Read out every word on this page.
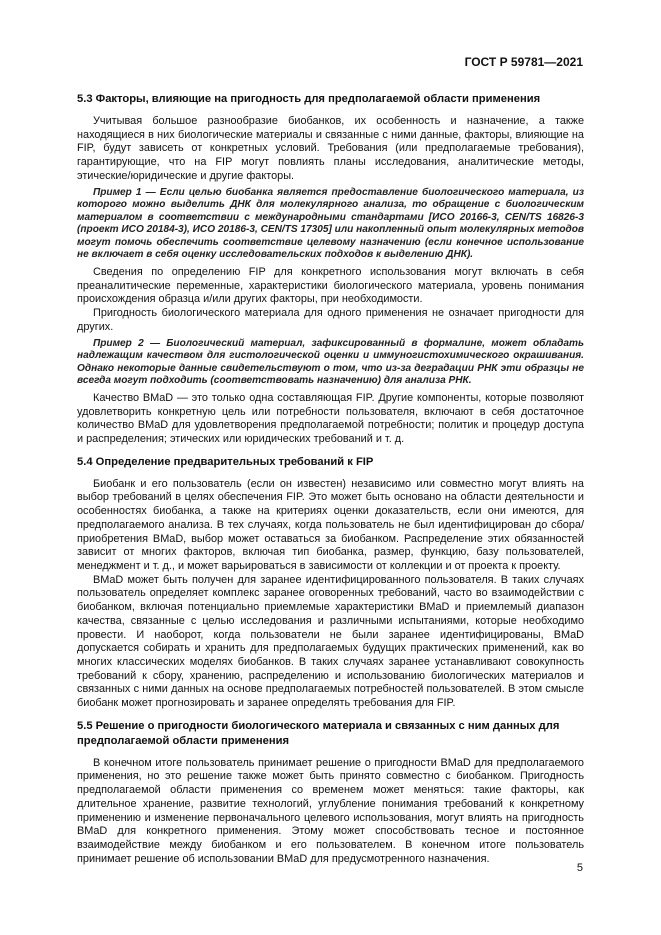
ГОСТ Р 59781—2021
5.3 Факторы, влияющие на пригодность для предполагаемой области применения

Учитывая большое разнообразие биобанков, их особенность и назначение, а также находящиеся в них биологические материалы и связанные с ними данные, факторы, влияющие на FIP, будут зависеть от конкретных условий. Требования (или предполагаемые требования), гарантирующие, что на FIP могут повлиять планы исследования, аналитические методы, этические/юридические и другие факторы.

Пример 1 — Если целью биобанка является предоставление биологического материала, из которого можно выделить ДНК для молекулярного анализа, то обращение с биологическим материалом в соответствии с международными стандартами [ИСО 20166-3, CEN/TS 16826-3 (проект ИСО 20184-3), ИСО 20186-3, CEN/TS 17305] или накопленный опыт молекулярных методов могут помочь обеспечить соответствие целевому назначению (если конечное использование не включает в себя оценку исследовательских подходов к выделению ДНК).

Сведения по определению FIP для конкретного использования могут включать в себя преаналитические переменные, характеристики биологического материала, уровень понимания происхождения образца и/или других факторы, при необходимости.

Пригодность биологического материала для одного применения не означает пригодности для других.

Пример 2 — Биологический материал, зафиксированный в формалине, может обладать надлежащим качеством для гистологической оценки и иммуногистохимического окрашивания. Однако некоторые данные свидетельствуют о том, что из-за деградации РНК эти образцы не всегда могут подходить (соответствовать назначению) для анализа РНК.

Качество BMaD — это только одна составляющая FIP. Другие компоненты, которые позволяют удовлетворить конкретную цель или потребности пользователя, включают в себя достаточное количество BMaD для удовлетворения предполагаемой потребности; политик и процедур доступа и распределения; этических или юридических требований и т. д.

5.4 Определение предварительных требований к FIP

Биобанк и его пользователь (если он известен) независимо или совместно могут влиять на выбор требований в целях обеспечения FIP. Это может быть основано на области деятельности и особенностях биобанка, а также на критериях оценки доказательств, если они имеются, для предполагаемого анализа. В тех случаях, когда пользователь не был идентифицирован до сбора/приобретения BMaD, выбор может оставаться за биобанком. Распределение этих обязанностей зависит от многих факторов, включая тип биобанка, размер, функцию, базу пользователей, менеджмент и т. д., и может варьироваться в зависимости от коллекции и от проекта к проекту.

BMaD может быть получен для заранее идентифицированного пользователя. В таких случаях пользователь определяет комплекс заранее оговоренных требований, часто во взаимодействии с биобанком, включая потенциально приемлемые характеристики BMaD и приемлемый диапазон качества, связанные с целью исследования и различными испытаниями, которые необходимо провести. И наоборот, когда пользователи не были заранее идентифицированы, BMaD допускается собирать и хранить для предполагаемых будущих практических применений, как во многих классических моделях биобанков. В таких случаях заранее устанавливают совокупность требований к сбору, хранению, распределению и использованию биологических материалов и связанных с ними данных на основе предполагаемых потребностей пользователей. В этом смысле биобанк может прогнозировать и заранее определять требования для FIP.

5.5 Решение о пригодности биологического материала и связанных с ним данных для предполагаемой области применения

В конечном итоге пользователь принимает решение о пригодности BMaD для предполагаемого применения, но это решение также может быть принято совместно с биобанком. Пригодность предполагаемой области применения со временем может меняться: такие факторы, как длительное хранение, развитие технологий, углубление понимания требований к конкретному применению и изменение первоначального целевого использования, могут влиять на пригодность BMaD для конкретного применения. Этому может способствовать тесное и постоянное взаимодействие между биобанком и его пользователем. В конечном итоге пользователь принимает решение об использовании BMaD для предусмотренного назначения.

5
